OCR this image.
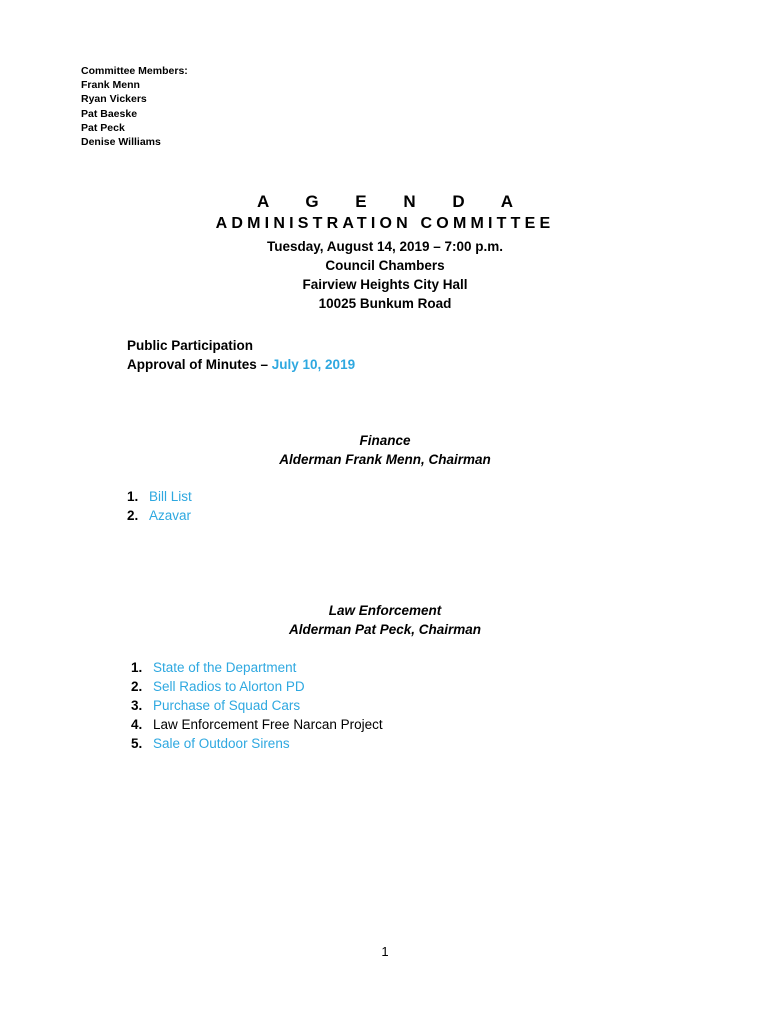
Committee Members:
Frank Menn
Ryan Vickers
Pat Baeske
Pat Peck
Denise Williams
A G E N D A
ADMINISTRATION COMMITTEE
Tuesday, August 14, 2019 – 7:00 p.m.
Council Chambers
Fairview Heights City Hall
10025 Bunkum Road
Public Participation
Approval of Minutes – July 10, 2019
Finance
Alderman Frank Menn, Chairman
1. Bill List
2. Azavar
Law Enforcement
Alderman Pat Peck, Chairman
1. State of the Department
2. Sell Radios to Alorton PD
3. Purchase of Squad Cars
4. Law Enforcement Free Narcan Project
5. Sale of Outdoor Sirens
1
